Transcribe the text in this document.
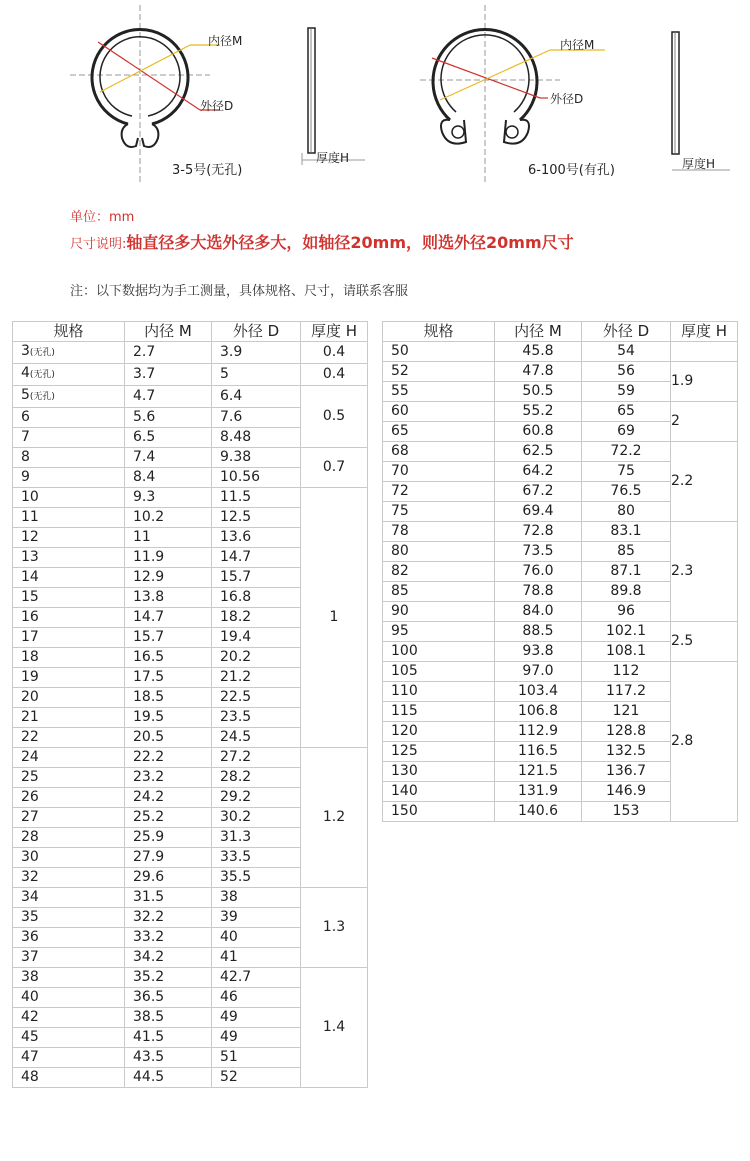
内径M
外径D
3-5号(无孔)
厚度H
内径M
外径D
6-100号(有孔)	厚度H
单位：mm
尺寸说明:轴直径多大选外径多大，如轴径20mm，则选外径20mm尺寸
注：以下数据均为手工测量，具体规格、尺寸，请联系客服
规格	内径 M	外径 D	厚度 H
3(无孔)	2.7	3.9	0.4
4(无孔)	3.7	5	0.4
5(无孔)	4.7	6.4	0.5
6	5.6	7.6	
7	6.5	8.48	
8	7.4	9.38	0.7
9	8.4	10.56	
10	9.3	11.5	1
11	10.2	12.5	
12	11	13.6	
13	11.9	14.7	
14	12.9	15.7	
15	13.8	16.8	
16	14.7	18.2	
17	15.7	19.4	
18	16.5	20.2	
19	17.5	21.2	
20	18.5	22.5	
21	19.5	23.5	
22	20.5	24.5	
24	22.2	27.2	1.2
25	23.2	28.2	
26	24.2	29.2	
27	25.2	30.2	
28	25.9	31.3	
30	27.9	33.5	
32	29.6	35.5	
34	31.5	38	1.3
35	32.2	39	
36	33.2	40	
37	34.2	41	
38	35.2	42.7	1.4
40	36.5	46	
42	38.5	49	
45	41.5	49	
47	43.5	51	
48	44.5	52	
规格	内径 M	外径 D	厚度 H
50	45.8	54	
52	47.8	56	1.9
55	50.5	59	
60	55.2	65	2
65	60.8	69	
68	62.5	72.2	2.2
70	64.2	75	
72	67.2	76.5	
75	69.4	80	
78	72.8	83.1	2.3
80	73.5	85	
82	76.0	87.1	
85	78.8	89.8	
90	84.0	96	
95	88.5	102.1	2.5
100	93.8	108.1	
105	97.0	112	2.8
110	103.4	117.2	
115	106.8	121	
120	112.9	128.8	
125	116.5	132.5	
130	121.5	136.7	
140	131.9	146.9	
150	140.6	153	
